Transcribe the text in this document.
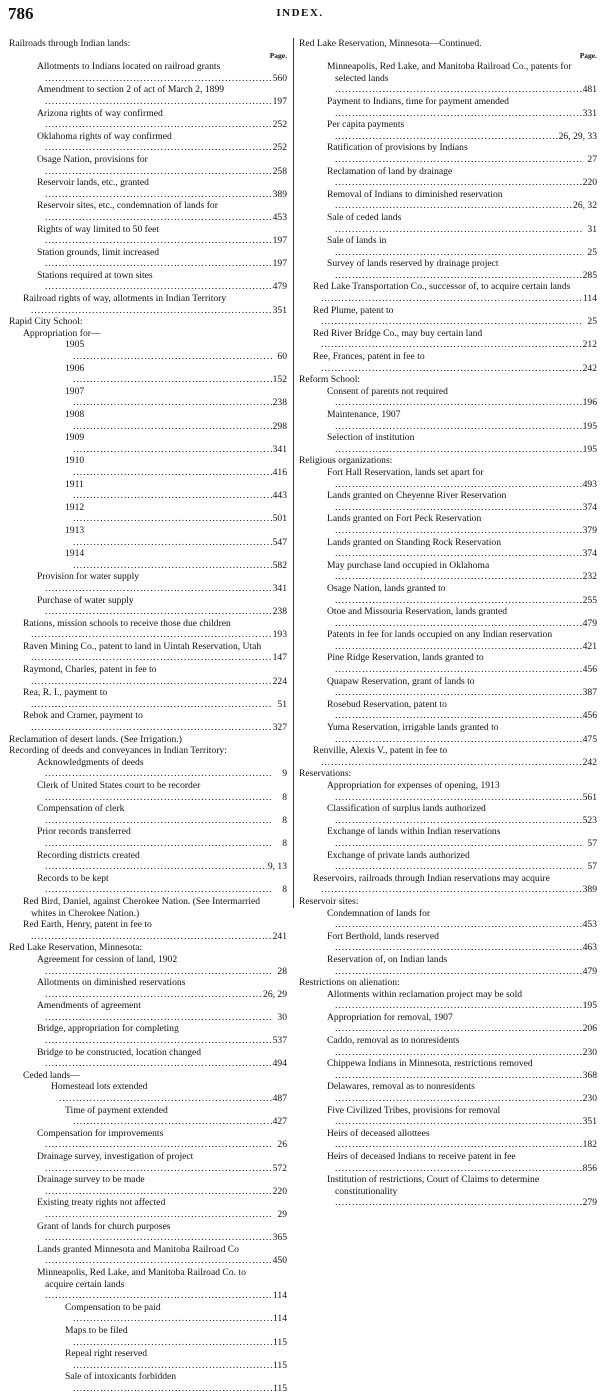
786	INDEX.
Railroads through Indian lands:
Page.
Allotments to Indians located on railroad grants .....
560
Amendment to section 2 of act of March 2, 1899 .....
197
Arizona rights of way confirmed .....
252
Oklahoma rights of way confirmed .....
252
Osage Nation, provisions for .....
258
Reservoir lands, etc., granted .....
389
Reservoir sites, etc., condemnation of lands for .....
453
Rights of way limited to 50 feet .....
197
Station grounds, limit increased .....
197
Stations required at town sites .....
479
Railroad rights of way, allotments in Indian Territory .....
351
Rapid City School:
Appropriation for—
1905 .....
60
1906 .....
152
1907 .....
238
1908 .....
298
1909 .....
341
1910 .....
416
1911 .....
443
1912 .....
501
1913 .....
547
1914 .....
582
Provision for water supply .....
341
Purchase of water supply .....
238
Rations, mission schools to receive those due children .....
193
Raven Mining Co., patent to land in Uintah Reservation, Utah .....
147
Raymond, Charles, patent in fee to .....
224
Rea, R. I., payment to .....
51
Rebok and Cramer, payment to .....
327
Reclamation of desert lands. (See Irrigation.)
Recording of deeds and conveyances in Indian Territory:
Acknowledgments of deeds .....
9
Clerk of United States court to be recorder .....
8
Compensation of clerk .....
8
Prior records transferred .....
8
Recording districts created .....
9, 13
Records to be kept .....
8
Red Bird, Daniel, against Cherokee Nation. (See Intermarried whites in Cherokee Nation.)
Red Earth, Henry, patent in fee to .....
241
Red Lake Reservation, Minnesota:
Agreement for cession of land, 1902 .....
28
Allotments on diminished reservations .....
26, 29
Amendments of agreement .....
30
Bridge, appropriation for completing .....
537
Bridge to be constructed, location changed .....
494
Ceded lands—
Homestead lots extended .....
487
Time of payment extended .....
427
Compensation for improvements .....
26
Drainage survey, investigation of project .....
572
Drainage survey to be made .....
220
Existing treaty rights not affected .....
29
Grant of lands for church purposes .....
365
Lands granted Minnesota and Manitoba Railroad Co .....
450
Minneapolis, Red Lake, and Manitoba Railroad Co. to acquire certain lands .....
114
Compensation to be paid .....
114
Maps to be filed .....
115
Repeal right reserved .....
115
Sale of intoxicants forbidden .....
115
Red Lake Reservation, Minnesota—Continued.
Page.
Minneapolis, Red Lake, and Manitoba Railroad Co., patents for selected lands .....
481
Payment to Indians, time for payment amended .....
331
Per capita payments .....
26, 29, 33
Ratification of provisions by Indians .....
27
Reclamation of land by drainage .....
220
Removal of Indians to diminished reservation .....
26, 32
Sale of ceded lands .....
31
Sale of lands in .....
25
Survey of lands reserved by drainage project .....
285
Red Lake Transportation Co., successor of, to acquire certain lands .....
114
Red Plume, patent to .....
25
Red River Bridge Co., may buy certain land .....
212
Ree, Frances, patent in fee to .....
242
Reform School:
Consent of parents not required .....
196
Maintenance, 1907 .....
195
Selection of institution .....
195
Religious organizations:
Fort Hall Reservation, lands set apart for .....
493
Lands granted on Cheyenne River Reservation .....
374
Lands granted on Fort Peck Reservation .....
379
Lands granted on Standing Rock Reservation .....
374
May purchase land occupied in Oklahoma .....
232
Osage Nation, lands granted to .....
255
Otoe and Missouria Reservation, lands granted .....
479
Patents in fee for lands occupied on any Indian reservation .....
421
Pine Ridge Reservation, lands granted to .....
456
Quapaw Reservation, grant of lands to .....
387
Rosebud Reservation, patent to .....
456
Yuma Reservation, irrigable lands granted to .....
475
Renville, Alexis V., patent in fee to .....
242
Reservations:
Appropriation for expenses of opening, 1913 .....
561
Classification of surplus lands authorized .....
523
Exchange of lands within Indian reservations .....
57
Exchange of private lands authorized .....
57
Reservoirs, railroads through Indian reservations may acquire .....
389
Reservoir sites:
Condemnation of lands for .....
453
Fort Berthold, lands reserved .....
463
Reservation of, on Indian lands .....
479
Restrictions on alienation:
Allotments within reclamation project may be sold .....
195
Appropriation for removal, 1907 .....
206
Caddo, removal as to nonresidents .....
230
Chippewa Indians in Minnesota, restrictions removed .....
368
Delawares, removal as to nonresidents .....
230
Five Civilized Tribes, provisions for removal .....
351
Heirs of deceased allottees .....
182
Heirs of deceased Indians to receive patent in fee .....
856
Institution of restrictions, Court of Claims to determine constitutionality .....
279
